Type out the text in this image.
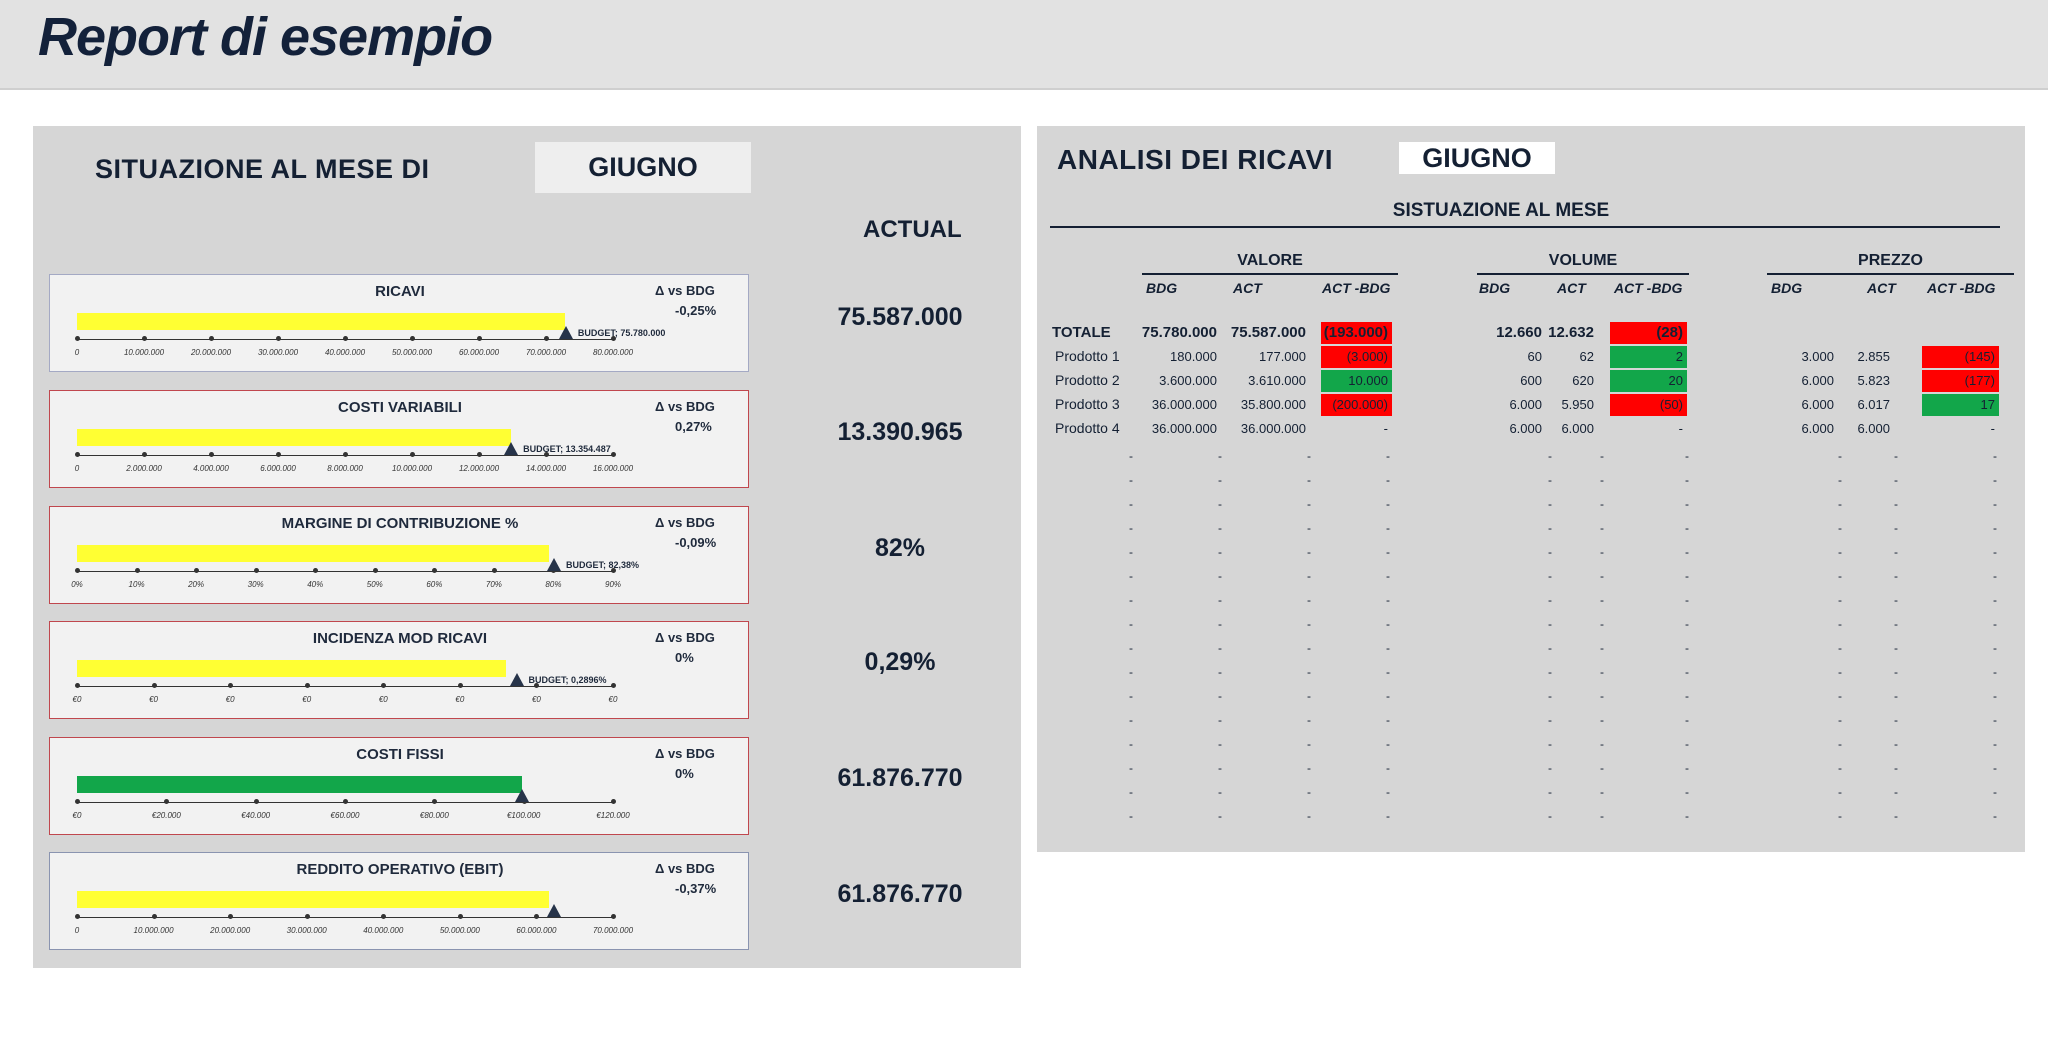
Report di esempio
SITUAZIONE AL MESE DI	GIUGNO
ACTUAL
RICAVI	Δ vs BDG
-0,25%
0	10.000.000	20.000.000	30.000.000	40.000.000	50.000.000	60.000.000	70.000.000	80.000.000
BUDGET; 75.780.000
75.587.000
COSTI VARIABILI	Δ vs BDG
0,27%
0	2.000.000	4.000.000	6.000.000	8.000.000	10.000.000	12.000.000	14.000.000	16.000.000
BUDGET; 13.354.487
13.390.965
MARGINE DI CONTRIBUZIONE %	Δ vs BDG
-0,09%
0%	10%	20%	30%	40%	50%	60%	70%	80%	90%
BUDGET; 82,38%
82%
INCIDENZA MOD RICAVI	Δ vs BDG
0%
€0	€0	€0	€0	€0	€0	€0	€0
BUDGET; 0,2896%
0,29%
COSTI FISSI	Δ vs BDG
0%
€0	€20.000	€40.000	€60.000	€80.000	€100.000	€120.000
61.876.770
REDDITO OPERATIVO (EBIT)	Δ vs BDG
-0,37%
0	10.000.000	20.000.000	30.000.000	40.000.000	50.000.000	60.000.000	70.000.000
61.876.770
ANALISI DEI RICAVI	GIUGNO
SISTUAZIONE AL MESE
VALORE
BDG	ACT	ACT -BDG
VOLUME
BDG	ACT ACT -BDG
PREZZO
BDG	ACT ACT -BDG
TOTALE	75.780.000 75.587.000 (193.000)	12.660 12.632	(28)
Prodotto 1	180.000	177.000	(3.000)	60	62	2	3.000	2.855	(145)
Prodotto 2	3.600.000	3.610.000	10.000	600	620	20	6.000	5.823	(177)
Prodotto 3	36.000.000	35.800.000	(200.000)	6.000	5.950	(50)	6.000	6.017	17
Prodotto 4	36.000.000	36.000.000	-	6.000	6.000	-	6.000	6.000	-
-	-	-	-	-	-	-	-	-	-
-	-	-	-	-	-	-	-	-	-
-	-	-	-	-	-	-	-	-	-
-	-	-	-	-	-	-	-	-	-
-	-	-	-	-	-	-	-	-	-
-	-	-	-	-	-	-	-	-	-
-	-	-	-	-	-	-	-	-	-
-	-	-	-	-	-	-	-	-	-
-	-	-	-	-	-	-	-	-	-
-	-	-	-	-	-	-	-	-	-
-	-	-	-	-	-	-	-	-	-
-	-	-	-	-	-	-	-	-	-
-	-	-	-	-	-	-	-	-	-
-	-	-	-	-	-	-	-	-	-
-	-	-	-	-	-	-	-	-	-
-	-	-	-	-	-	-	-	-	-
